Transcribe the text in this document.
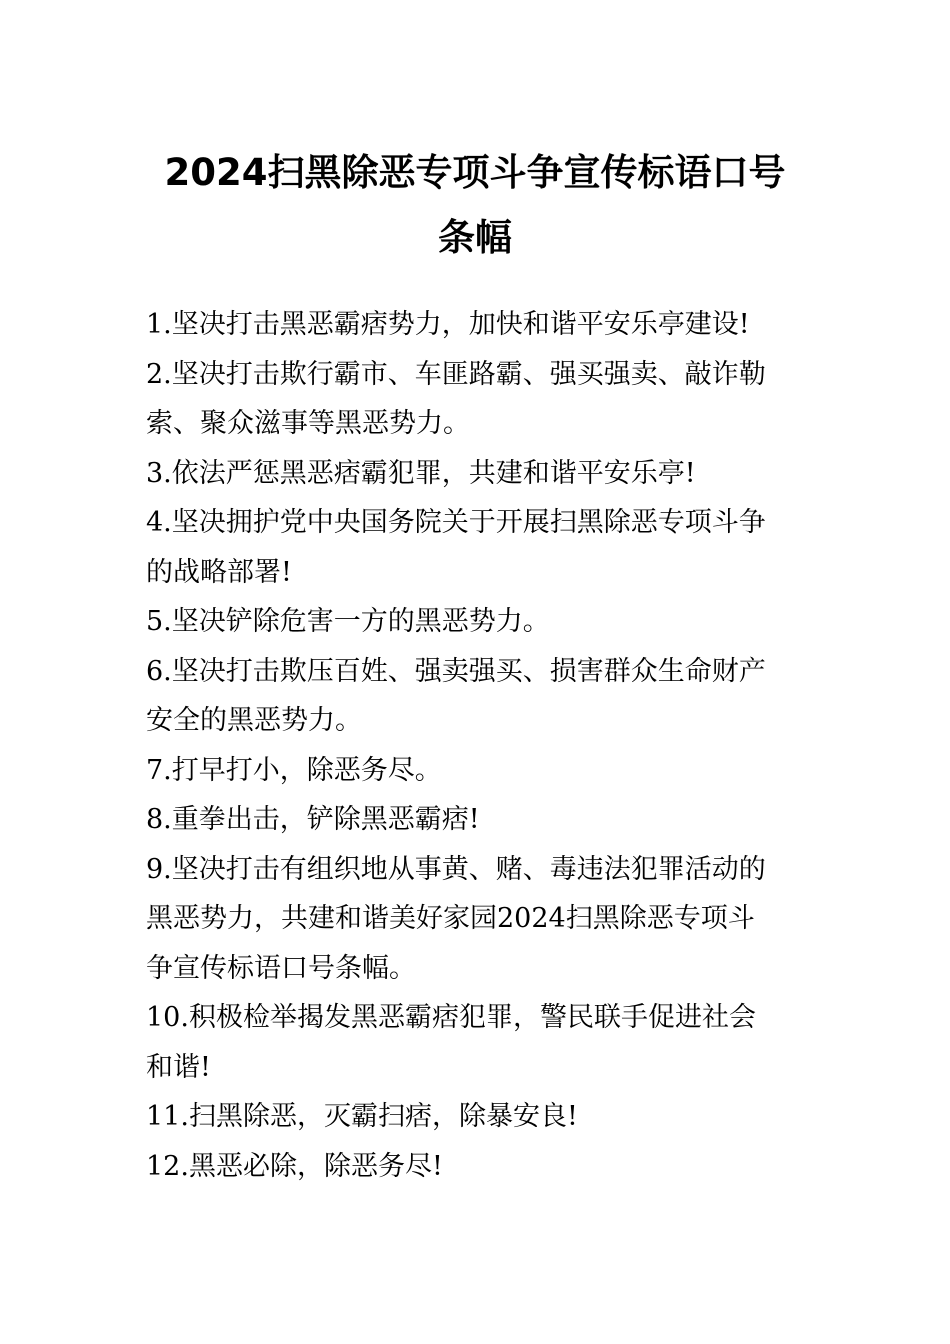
2024扫黑除恶专项斗争宣传标语口号
条幅
1.坚决打击黑恶霸痞势力，加快和谐平安乐亭建设!
2.坚决打击欺行霸市、车匪路霸、强买强卖、敲诈勒
索、聚众滋事等黑恶势力。
3.依法严惩黑恶痞霸犯罪，共建和谐平安乐亭!
4.坚决拥护党中央国务院关于开展扫黑除恶专项斗争
的战略部署!
5.坚决铲除危害一方的黑恶势力。
6.坚决打击欺压百姓、强卖强买、损害群众生命财产
安全的黑恶势力。
7.打早打小，除恶务尽。
8.重拳出击，铲除黑恶霸痞!
9.坚决打击有组织地从事黄、赌、毒违法犯罪活动的
黑恶势力，共建和谐美好家园2024扫黑除恶专项斗
争宣传标语口号条幅。
10.积极检举揭发黑恶霸痞犯罪，警民联手促进社会
和谐!
11.扫黑除恶，灭霸扫痞，除暴安良!
12.黑恶必除，除恶务尽!
